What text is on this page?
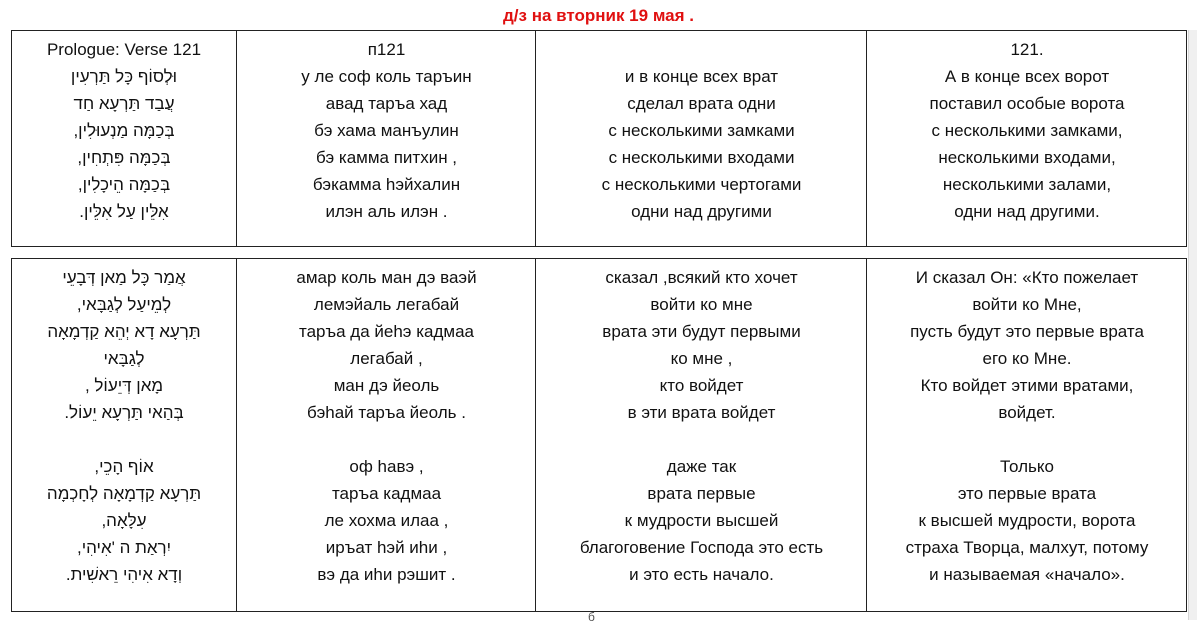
д/з на вторник 19 мая .
Prologue: Verse 121
וּלְסוֹף כָּל תַּרְעִין
עֲבַד תַּרְעָא חַד
בְּכַמָּה מַנְעוּלִין,
בְּכַמָּה פִּתְחִין,
בְּכַמָּה הֵיכָלִין,
אִלֵּין עַל אִלֵּין.
п121
у ле соф коль таръин
авад таръа хад
бэ хама манъулин
бэ камма питхин ,
бэкамма hэйхалин
илэн аль илэн .
и в конце всех врат
сделал врата одни
с несколькими замками
с несколькими входами
с несколькими чертогами
одни над другими
121.
А в конце всех ворот
поставил особые ворота
с несколькими замками,
несколькими входами,
несколькими залами,
одни над другими.
אֲמַר כָּל מַאן דְּבָעֵי
לְמֵיעַל לְגַבָּאי,
תַּרְעָא דָא יְהֵא קַדְמָאָה
לְגַבָּאי
מָאן דְּיֵעוֹל ,
בְּהַאי תַּרְעָא יֵעוֹל.
אוֹף הָכֵי,
תַּרְעָא קַדְמָאָה לְחָכְמָה
עִלָּאָה,
יִרְאַת ה 'אִיהִי,
וְדָא אִיהִי רֵאשִׁית.
амар коль ман дэ ваэй
лемэйаль легабай
таръа да йеhэ кадмаа
легабай ,
ман дэ йеоль
бэhай таръа йеоль .
оф hавэ ,
таръа кадмаа
ле хохма илаа ,
иръат hэй иhи ,
вэ да иhи рэшит .
сказал ,всякий кто хочет
войти ко мне
врата эти будут первыми
ко мне ,
кто войдет
в эти врата войдет
даже так
врата первые
к мудрости высшей
благоговение Господа это есть
и это есть начало.
И сказал Он: «Кто пожелает
войти ко Мне,
пусть будут это первые врата
его ко Мне.
Кто войдет этими вратами,
войдет.
Только
это первые врата
к высшей мудрости, ворота
страха Творца, малхут, потому
и называемая «начало».
б
